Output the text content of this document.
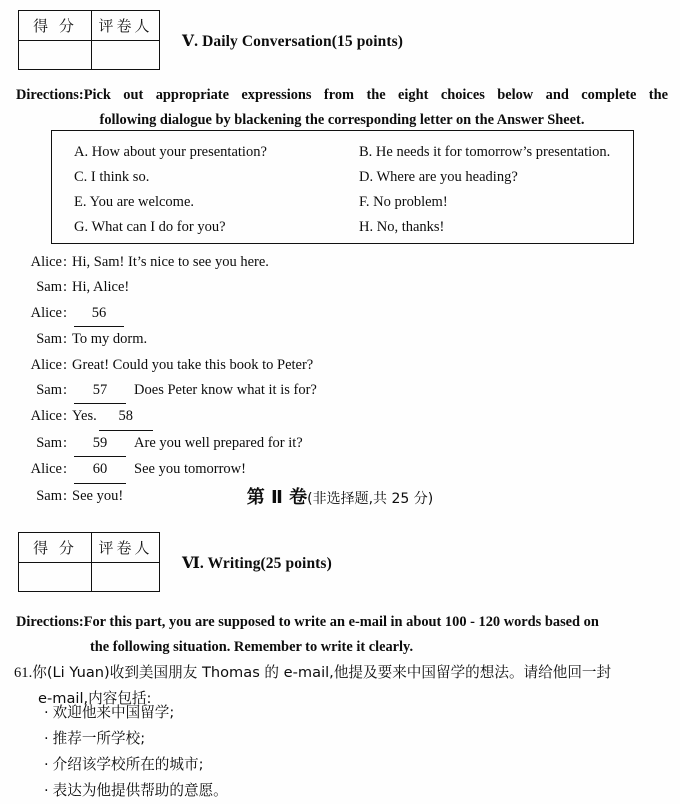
得 分	评卷人
Ⅴ. Daily Conversation(15 points)
Directions:Pick out appropriate expressions from the eight choices below and complete the
following dialogue by blackening the corresponding letter on the Answer Sheet.
A. How about your presentation?	B. He needs it for tomorrow’s presentation.
C. I think so.	D. Where are you heading?
E. You are welcome.	F. No problem!
G. What can I do for you?	H. No, thanks!
Alice : Hi, Sam! It’s nice to see you here.
Sam : Hi, Alice!
Alice :	56
Sam : To my dorm.
Alice : Great! Could you take this book to Peter?
Sam :	57	Does Peter know what it is for?
Alice : Yes.	58
Sam :	59	Are you well prepared for it?
Alice :	60	See you tomorrow!
Sam : See you!	第 Ⅱ 卷(非选择题,共 25 分)
得 分	评卷人
Ⅵ. Writing(25 points)
Directions:For this part, you are supposed to write an e-mail in about 100 - 120 words based on
the following situation. Remember to write it clearly.
61.你(Li Yuan)收到美国朋友 Thomas 的 e-mail,他提及要来中国留学的想法。请给他回一封
e-mail,内容包括:
· 欢迎他来中国留学;
· 推荐一所学校;
· 介绍该学校所在的城市;
· 表达为他提供帮助的意愿。
